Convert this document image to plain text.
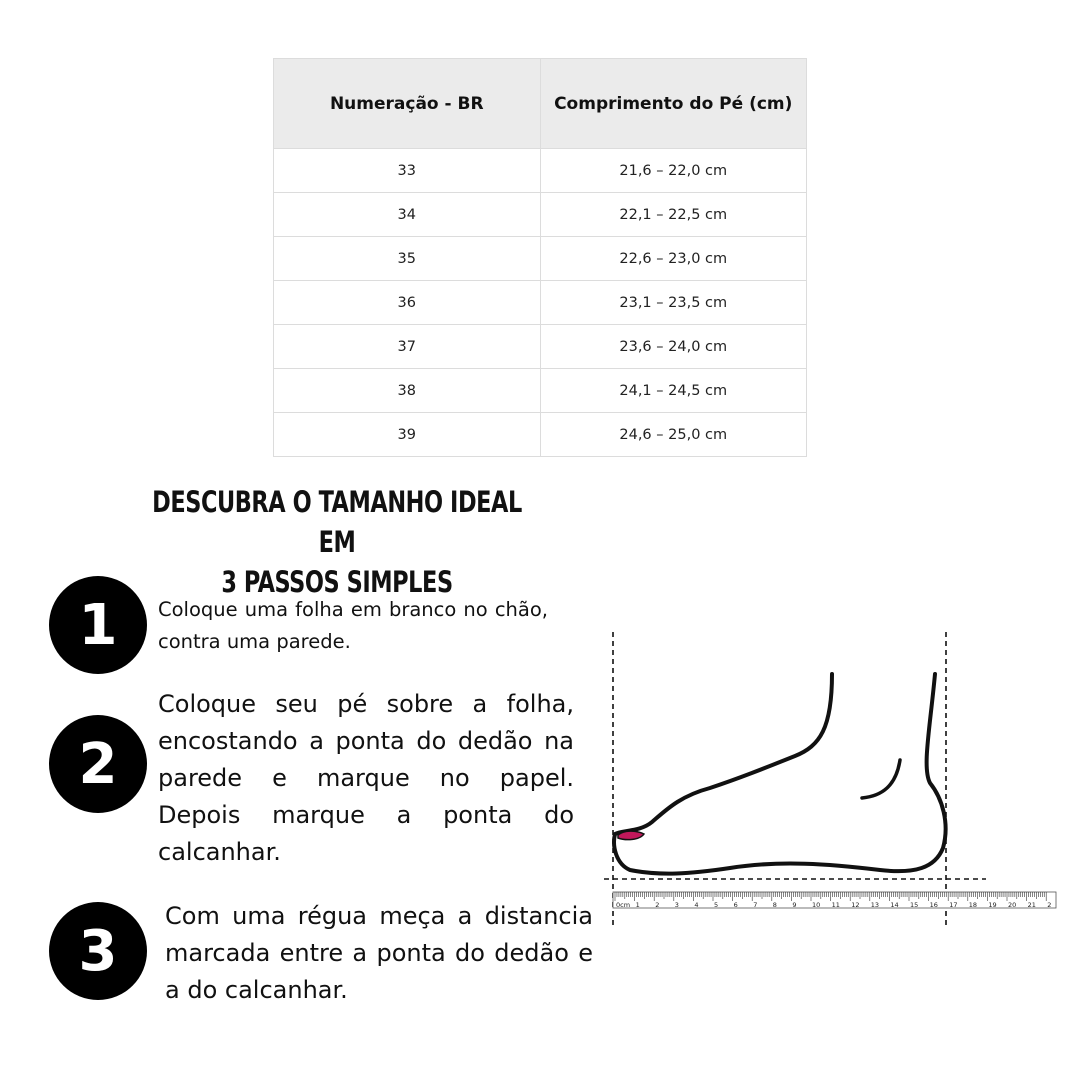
Numeração - BR	Comprimento do Pé (cm)
33	21,6 – 22,0 cm
34	22,1 – 22,5 cm
35	22,6 – 23,0 cm
36	23,1 – 23,5 cm
37	23,6 – 24,0 cm
38	24,1 – 24,5 cm
39	24,6 – 25,0 cm
DESCUBRA O TAMANHO IDEAL EM
3 PASSOS SIMPLES
1	Coloque uma folha em branco no chão, contra uma parede.

2

Coloque seu pé sobre a folha, encostando a ponta do dedão na parede e marque no papel. Depois marque a ponta do calcanhar.

3

Com uma régua meça a distancia marcada entre a ponta do dedão e a do calcanhar.

0cm 1 2 3 4 5 6 7 8 9 10 11 12 13 14 15 16 17 18 19 20 21 2
